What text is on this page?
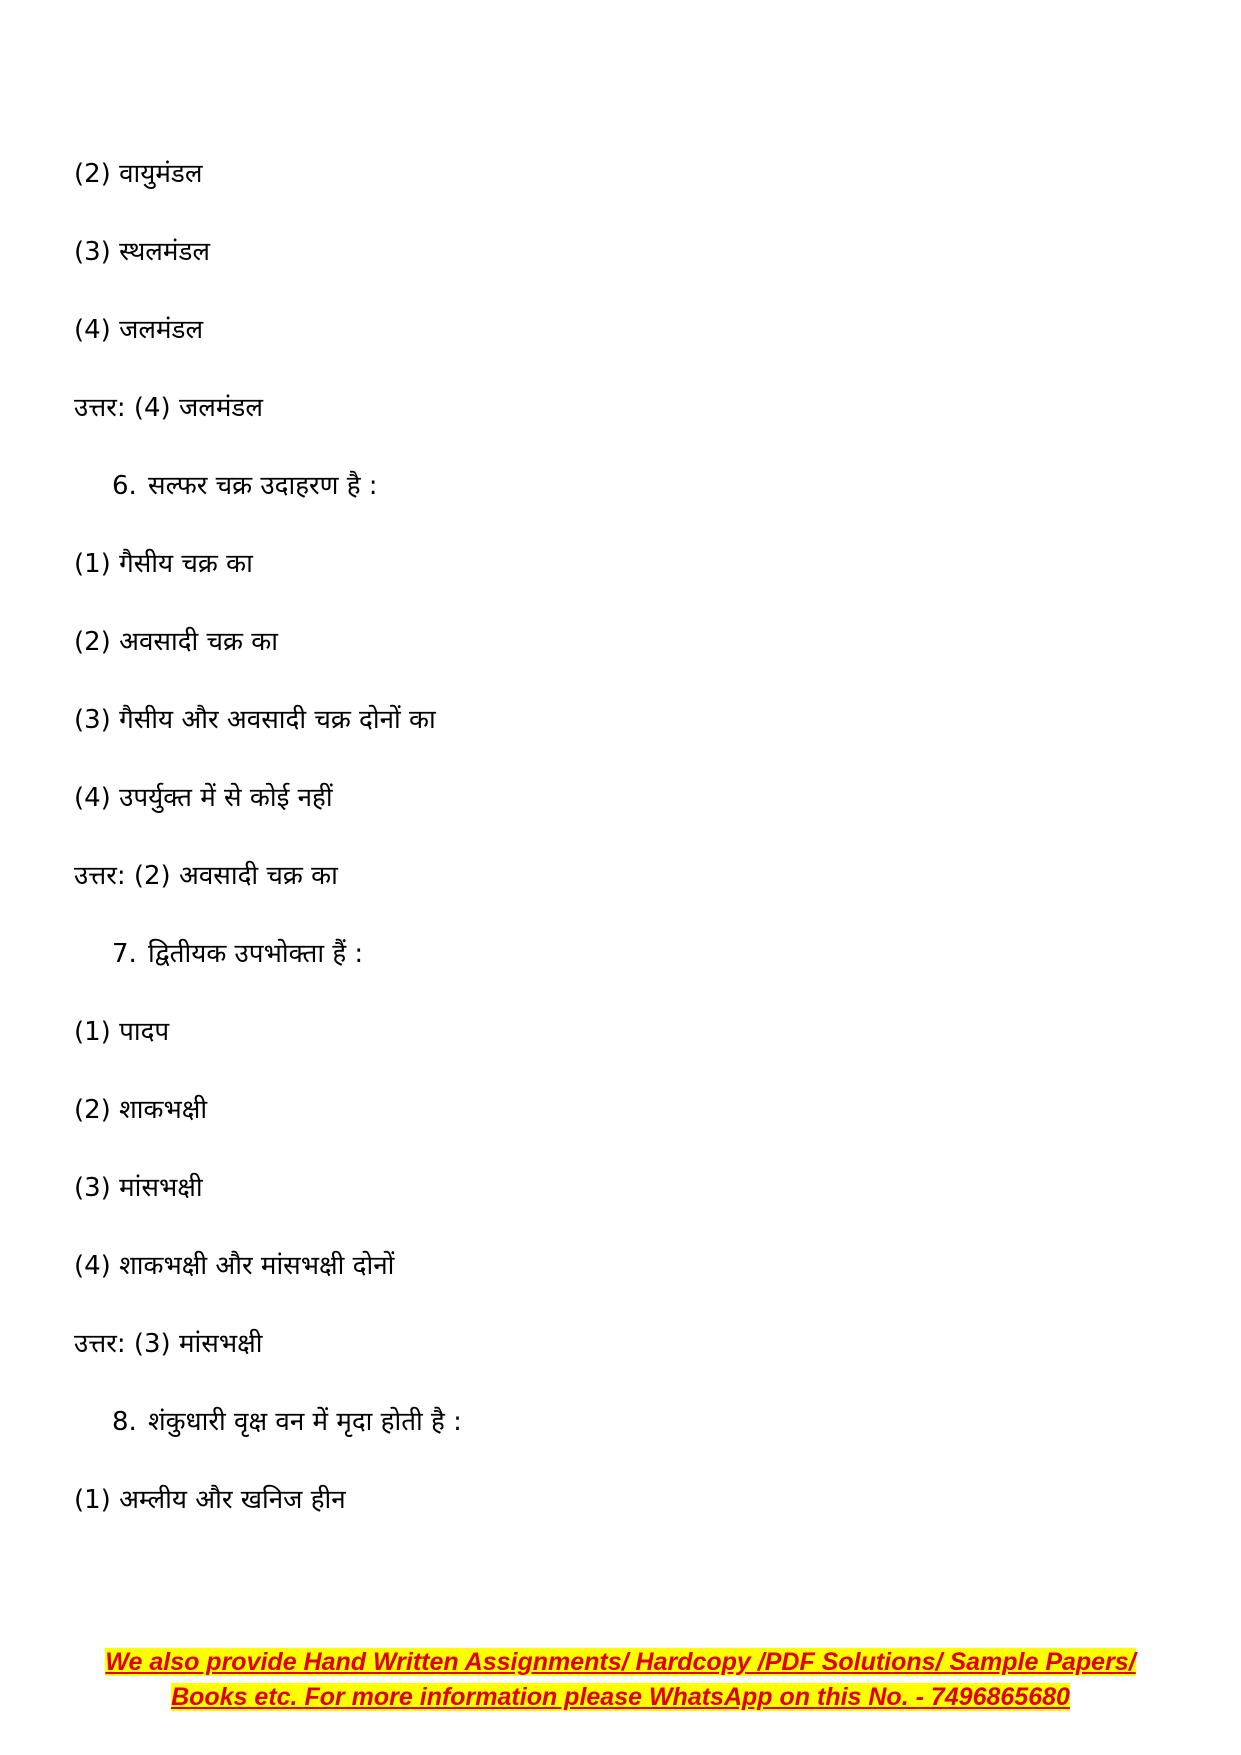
(2) वायुमंडल
(3) स्थलमंडल
(4) जलमंडल
उत्तर: (4) जलमंडल
6. सल्फर चक्र उदाहरण है :
(1) गैसीय चक्र का
(2) अवसादी चक्र का
(3) गैसीय और अवसादी चक्र दोनों का
(4) उपर्युक्त में से कोई नहीं
उत्तर: (2) अवसादी चक्र का
7. द्वितीयक उपभोक्ता हैं :
(1) पादप
(2) शाकभक्षी
(3) मांसभक्षी
(4) शाकभक्षी और मांसभक्षी दोनों
उत्तर: (3) मांसभक्षी
8. शंकुधारी वृक्ष वन में मृदा होती है :
(1) अम्लीय और खनिज हीन
We also provide Hand Written Assignments/ Hardcopy /PDF Solutions/ Sample Papers/
Books etc. For more information please WhatsApp on this No. - 7496865680
